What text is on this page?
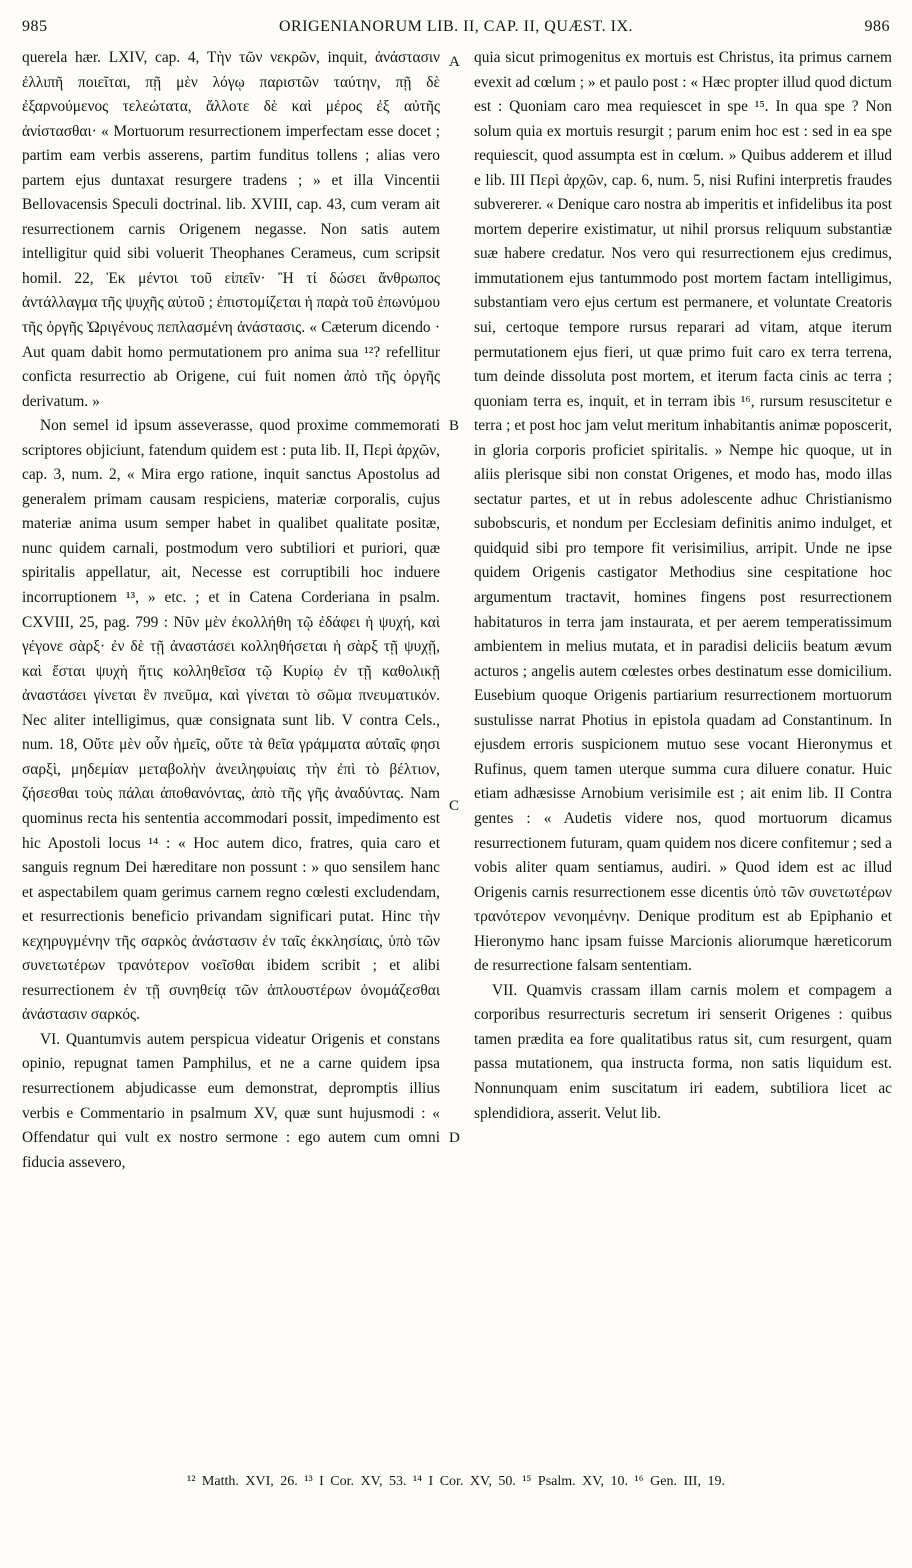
985	ORIGENIANORUM LIB. II, CAP. II, QUÆST. IX.	986

querela hær. LXIV, cap. 4, Τὴν τῶν νεκρῶν, inquit, ἀνάστασιν ἐλλιπῆ ποιεῖται, πῇ μὲν λόγῳ παριστῶν ταύτην, πῇ δὲ ἐξαρνούμενος τελεώτατα, ἄλλοτε δὲ καὶ μέρος ἐξ αὐτῆς ἀνίστασθαι· « Mortuorum resurrectionem imperfectam esse docet ; partim eam verbis asserens, partim funditus tollens ; alias vero partem ejus duntaxat resurgere tradens ; » et illa Vincentii Bellovacensis Speculi doctrinal. lib. XVIII, cap. 43, cum veram ait resurrectionem carnis Origenem negasse. Non satis autem intelligitur quid sibi voluerit Theophanes Cerameus, cum scripsit homil. 22, Ἐκ μέντοι τοῦ εἰπεῖν· Ἢ τί δώσει ἄνθρωπος ἀντάλλαγμα τῆς ψυχῆς αὐτοῦ ; ἐπιστομίζεται ἡ παρὰ τοῦ ἐπωνύμου τῆς ὀργῆς Ὠριγένους πεπλασμένη ἀνάστασις. « Cæterum dicendo · Aut quam dabit homo permutationem pro anima sua ¹²? refellitur conficta resurrectio ab Origene, cui fuit nomen ἀπὸ τῆς ὀργῆς derivatum. »

Non semel id ipsum asseverasse, quod proxime commemorati scriptores objiciunt, fatendum quidem est : puta lib. II, Περὶ ἀρχῶν, cap. 3, num. 2, « Mira ergo ratione, inquit sanctus Apostolus ad generalem primam causam respiciens, materiæ corporalis, cujus materiæ anima usum semper habet in qualibet qualitate positæ, nunc quidem carnali, postmodum vero subtiliori et puriori, quæ spiritalis appellatur, ait, Necesse est corruptibili hoc induere incorruptionem ¹³, » etc. ; et in Catena Corderiana in psalm. CXVIII, 25, pag. 799 : Νῦν μὲν ἐκολλήθη τῷ ἐδάφει ἡ ψυχή, καὶ γέγονε σὰρξ· ἐν δὲ τῇ ἀναστάσει κολληθήσεται ἡ σὰρξ τῇ ψυχῇ, καὶ ἔσται ψυχὴ ἥτις κολληθεῖσα τῷ Κυρίῳ ἐν τῇ καθολικῇ ἀναστάσει γίνεται ἓν πνεῦμα, καὶ γίνεται τὸ σῶμα πνευματικόν. Nec aliter intelligimus, quæ consignata sunt lib. V contra Cels., num. 18, Οὔτε μὲν οὖν ἡμεῖς, οὔτε τὰ θεῖα γράμματα αὐταῖς φησι σαρξὶ, μηδεμίαν μεταβολὴν ἀνειληφυίαις τὴν ἐπὶ τὸ βέλτιον, ζήσεσθαι τοὺς πάλαι ἀποθανόντας, ἀπὸ τῆς γῆς ἀναδύντας. Nam quominus recta his sententia accommodari possit, impedimento est hic Apostoli locus ¹⁴ : « Hoc autem dico, fratres, quia caro et sanguis regnum Dei hæreditare non possunt : » quo sensilem hanc et aspectabilem quam gerimus carnem regno cœlesti excludendam, et resurrectionis beneficio privandam significari putat. Hinc τὴν κεχηρυγμένην τῆς σαρκὸς ἀνάστασιν ἐν ταῖς ἐκκλησίαις, ὑπὸ τῶν συνετωτέρων τρανότερον νοεῖσθαι ibidem scribit ; et alibi resurrectionem ἐν τῇ συνηθείᾳ τῶν ἁπλουστέρων ὀνομάζεσθαι ἀνάστασιν σαρκός.

VI. Quantumvis autem perspicua videatur Origenis et constans opinio, repugnat tamen Pamphilus, et ne a carne quidem ipsa resurrectionem abjudicasse eum demonstrat, depromptis illius verbis e Commentario in psalmum XV, quæ sunt hujusmodi : « Offendatur qui vult ex nostro sermone : ego autem cum omni fiducia assevero,

A
B
C
D

quia sicut primogenitus ex mortuis est Christus, ita primus carnem evexit ad cœlum ; » et paulo post : « Hæc propter illud quod dictum est : Quoniam caro mea requiescet in spe ¹⁵. In qua spe ? Non solum quia ex mortuis resurgit ; parum enim hoc est : sed in ea spe requiescit, quod assumpta est in cœlum. » Quibus adderem et illud e lib. III Περὶ ἀρχῶν, cap. 6, num. 5, nisi Rufini interpretis fraudes subvererer. « Denique caro nostra ab imperitis et infidelibus ita post mortem deperire existimatur, ut nihil prorsus reliquum substantiæ suæ habere credatur. Nos vero qui resurrectionem ejus credimus, immutationem ejus tantummodo post mortem factam intelligimus, substantiam vero ejus certum est permanere, et voluntate Creatoris sui, certoque tempore rursus reparari ad vitam, atque iterum permutationem ejus fieri, ut quæ primo fuit caro ex terra terrena, tum deinde dissoluta post mortem, et iterum facta cinis ac terra ; quoniam terra es, inquit, et in terram ibis ¹⁶, rursum resuscitetur e terra ; et post hoc jam velut meritum inhabitantis animæ poposcerit, in gloria corporis proficiet spiritalis. » Nempe hic quoque, ut in aliis plerisque sibi non constat Origenes, et modo has, modo illas sectatur partes, et ut in rebus adolescente adhuc Christianismo subobscuris, et nondum per Ecclesiam definitis animo indulget, et quidquid sibi pro tempore fit verisimilius, arripit. Unde ne ipse quidem Origenis castigator Methodius sine cespitatione hoc argumentum tractavit, homines fingens post resurrectionem habitaturos in terra jam instaurata, et per aerem temperatissimum ambientem in melius mutata, et in paradisi deliciis beatum ævum acturos ; angelis autem cœlestes orbes destinatum esse domicilium. Eusebium quoque Origenis partiarium resurrectionem mortuorum sustulisse narrat Photius in epistola quadam ad Constantinum. In ejusdem erroris suspicionem mutuo sese vocant Hieronymus et Rufinus, quem tamen uterque summa cura diluere conatur. Huic etiam adhæsisse Arnobium verisimile est ; ait enim lib. II Contra gentes : « Audetis videre nos, quod mortuorum dicamus resurrectionem futuram, quam quidem nos dicere confitemur ; sed a vobis aliter quam sentiamus, audiri. » Quod idem est ac illud Origenis carnis resurrectionem esse dicentis ὑπὸ τῶν συνετωτέρων τρανότερον νενοημένην. Denique proditum est ab Epiphanio et Hieronymo hanc ipsam fuisse Marcionis aliorumque hæreticorum de resurrectione falsam sententiam.

VII. Quamvis crassam illam carnis molem et compagem a corporibus resurrecturis secretum iri senserit Origenes : quibus tamen prædita ea fore qualitatibus ratus sit, cum resurgent, quam passa mutationem, qua instructa forma, non satis liquidum est. Nonnunquam enim suscitatum iri eadem, subtiliora licet ac splendidiora, asserit. Velut lib.

¹² Matth. XVI, 26. ¹³ I Cor. XV, 53. ¹⁴ I Cor. XV, 50. ¹⁵ Psalm. XV, 10. ¹⁶ Gen. III, 19.
